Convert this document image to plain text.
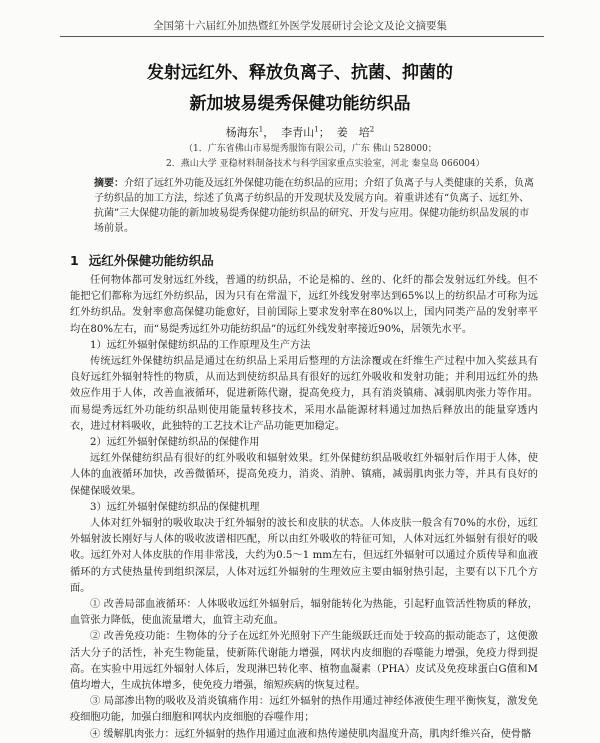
全国第十六届红外加热暨红外医学发展研讨会论文及论文摘要集
发射远红外、释放负离子、抗菌、抑菌的
新加坡易缇秀保健功能纺织品
杨海东$^1$，  李青山$^1$；  姜　培$^2$
（1．广东省佛山市易缇秀服饰有限公司，广东 佛山 528000；
2．燕山大学 亚稳材料制备技术与科学国家重点实验室，河北 秦皇岛 066004）
摘要：介绍了远红外功能及远红外保健功能在纺织品的应用；介绍了负离子与人类健康的关系，负离子纺织品的加工方法，综述了负离子纺织品的开发现状及发展方向。着重讲述有“负离子、远红外、抗菌”三大保健功能的新加坡易缇秀保健功能纺织品的研究、开发与应用。保健功能纺织品发展的市场前景。
1 远红外保健功能纺织品

任何物体都可发射远红外线，普通的纺织品，不论是棉的、丝的、化纤的都会发射远红外线。但不能把它们都称为远红外纺织品，因为只有在常温下，远红外线发射率达到65%以上的纺织品才可称为远红外纺织品。发射率愈高保健功能愈好，目前国际上要求发射率在80%以上，国内同类产品的发射率平均在80%左右，而“易缇秀远红外功能纺织品”的远红外线发射率接近90%，居领先水平。

1）远红外辐射保健纺织品的工作原理及生产方法

传统远红外保健纺织品是通过在纺织品上采用后整理的方法涂覆或在纤维生产过程中加入奖兹具有良好远红外辐射特性的物质，从而达到使纺织品具有很好的远红外吸收和发射功能；并利用远红外的热效应作用于人体，改善血液循环，促进新陈代谢，提高免疫力，具有消炎镇痛、减弱肌肉张力等作用。而易缇秀远红外功能纺织品则使用能量转移技术，采用水晶能源材料通过加热后释放出的能量穿透内衣，进过材料吸收，此独特的工艺技术让产品功能更加稳定。

2）远红外辐射保健纺织品的保健作用

远红外保健纺织品有很好的红外吸收和辐射效果。红外保健纺织品吸收红外辐射后作用于人体，使人体的血液循环加快，改善微循环，提高免疫力，消炎、消肿、镇痛，减弱肌肉张力等，并具有良好的保健保暖效果。

3）远红外辐射保健纺织品的保健机理

人体对红外辐射的吸收取决于红外辐射的波长和皮肤的状态。人体皮肤一般含有70%的水份，远红外辐射波长刚好与人体的吸收波谱相匹配，所以由红外吸收的特征可知，人体对远红外辐射有很好的吸收。远红外对人体皮肤的作用非常浅，大约为0.5～1 mm左右，但远红外辐射可以通过介质传导和血液循环的方式使热量传到组织深层，人体对远红外辐射的生理效应主要由辐射热引起，主要有以下几个方面。

① 改善局部血液循环：人体吸收远红外辐射后，辐射能转化为热能，引起籽血管活性物质的释放，血管张力降低，使血流量增大，血管主动充血。

② 改善免疫功能：生物体的分子在远红外光照射下产生能级跃迁而处于较高的振动能态了，这便激活大分子的活性，补充生物能量，使新陈代谢能力增强，网状内皮细胞的吞噬能力增强，免疫力得到提高。在实验中用远红外辐射人体后，发现淋巴转化率、植物血凝素（PHA）皮试及免疫球蛋白G值和M值均增大，生成抗体增多，使免疫力增强，缩短疾病的恢复过程。

③ 局部渗出物的吸收及消炎镇痛作用：远红外辐射的热作用通过神经体液使生理平衡恢复，激发免疫细胞功能，加强白细胞和网状内皮细胞的吞噬作用；

④ 缓解肌肉张力：远红外辐射的热作用通过血液和热传递使肌肉温度升高，肌肉纤维兴奋，使骨骼
